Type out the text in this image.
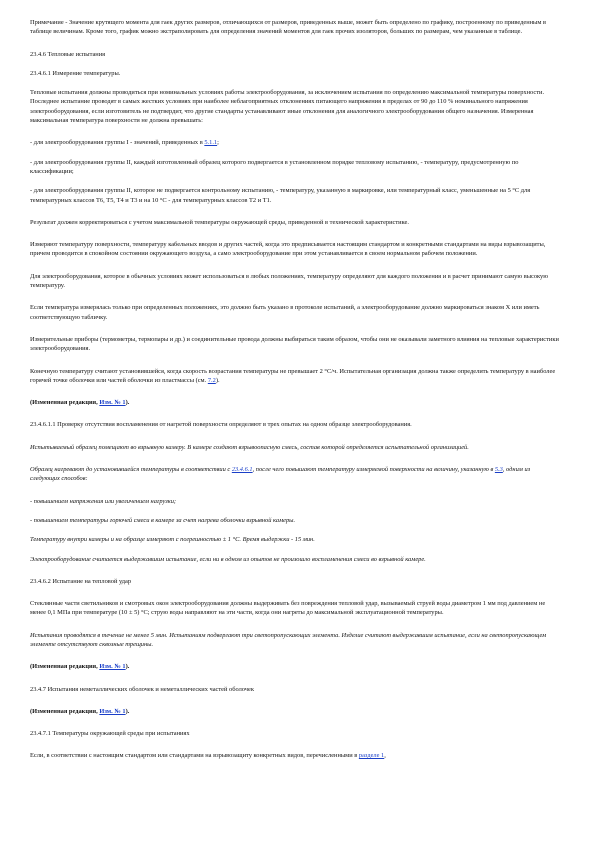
Примечание - Значение крутящего момента для гаек других размеров, отличающихся от размеров, приведенных выше, может быть определено по графику, построенному по приведенным в таблице величинам. Кроме того, график можно экстраполировать для определения значений моментов для гаек прочих изоляторов, больших по размерам, чем указанные в таблице.

23.4.6 Тепловые испытания

23.4.6.1 Измерение температуры.

Тепловые испытания должны проводиться при номинальных условиях работы электрооборудования, за исключением испытания по определению максимальной температуры поверхности. Последнее испытание проводят в самых жестких условиях при наиболее неблагоприятных отклонениях питающего напряжения в пределах от 90 до 110 % номинального напряжения электрооборудования, если изготовитель не подтвердит, что другие стандарты устанавливают иные отклонения для аналогичного электрооборудования общего назначения. Измеренная максимальная температура поверхности не должна превышать:

- для электрооборудования группы I - значений, приведенных в 5.1.1;

- для электрооборудования группы II, каждый изготовленный образец которого подвергается в установленном порядке тепловому испытанию, - температуру, предусмотренную по классификации;

- для электрооборудования группы II, которое не подвергается контрольному испытанию, - температуру, указанную в маркировке, или температурный класс, уменьшенные на 5 °С для температурных классов Т6, Т5, Т4 и Т3 и на 10 °С - для температурных классов Т2 и Т1.

Результат должен корректироваться с учетом максимальной температуры окружающей среды, приведенной в технической характеристике.

Измеряют температуру поверхности, температуру кабельных вводов и других частей, когда это предписывается настоящим стандартом и конкретными стандартами на виды взрывозащиты, причем проводится в спокойном состоянии окружающего воздуха, а само электрооборудование при этом устанавливается в своем нормальном рабочем положении.

Для электрооборудования, которое в обычных условиях может использоваться в любых положениях, температуру определяют для каждого положения и в расчет принимают самую высокую температуру.

Если температура измерялась только при определенных положениях, это должно быть указано в протоколе испытаний, а электрооборудование должно маркироваться знаком X или иметь соответствующую табличку.

Измерительные приборы (термометры, термопары и др.) и соединительные провода должны выбираться таким образом, чтобы они не оказывали заметного влияния на тепловые характеристики электрооборудования.

Конечную температуру считают установившейся, когда скорость возрастания температуры не превышает 2 °С/ч. Испытательная организация должна также определить температуру в наиболее горячей точке оболочки или частей оболочки из пластмассы (см. 7.2).

(Измененная редакция, Изм. № 1).

23.4.6.1.1 Проверку отсутствия воспламенения от нагретой поверхности определяют в трех опытах на одном образце электрооборудования.

Испытываемый образец помещают во взрывную камеру. В камере создают взрывоопасную смесь, состав которой определяется испытательной организацией.

Образец нагревают до установившейся температуры в соответствии с 23.4.6.1, после чего повышают температуру измеряемой поверхности на величину, указанную в 5.3, одним из следующих способов:

- повышением напряжения или увеличением нагрузки;

- повышением температуры горючей смеси в камере за счет нагрева оболочки взрывной камеры.

Температуру внутри камеры и на образце измеряют с погрешностью ± 1 °С. Время выдержки - 15 мин.

Электрооборудование считается выдержавшим испытание, если ни в одном из опытов не произошло воспламенения смеси во взрывной камере.

23.4.6.2 Испытание на тепловой удар

Стеклянные части светильников и смотровых окон электрооборудования должны выдерживать без повреждения тепловой удар, вызываемый струей воды диаметром 1 мм под давлением не менее 0,1 МПа при температуре (10 ± 5) °С; струю воды направляют на эти части, когда они нагреты до максимальной эксплуатационной температуры.

Испытания проводятся в течение не менее 5 мин. Испытаниям подвергают три светопропускающих элемента. Изделие считают выдержавшим испытание, если на светопропускающем элементе отсутствуют сквозные трещины.

(Измененная редакция, Изм. № 1).

23.4.7 Испытания неметаллических оболочек и неметаллических частей оболочек

(Измененная редакция, Изм. № 1).

23.4.7.1 Температуры окружающей среды при испытаниях

Если, в соответствии с настоящим стандартом или стандартами на взрывозащиту конкретных видов, перечисленными в разделе 1,
